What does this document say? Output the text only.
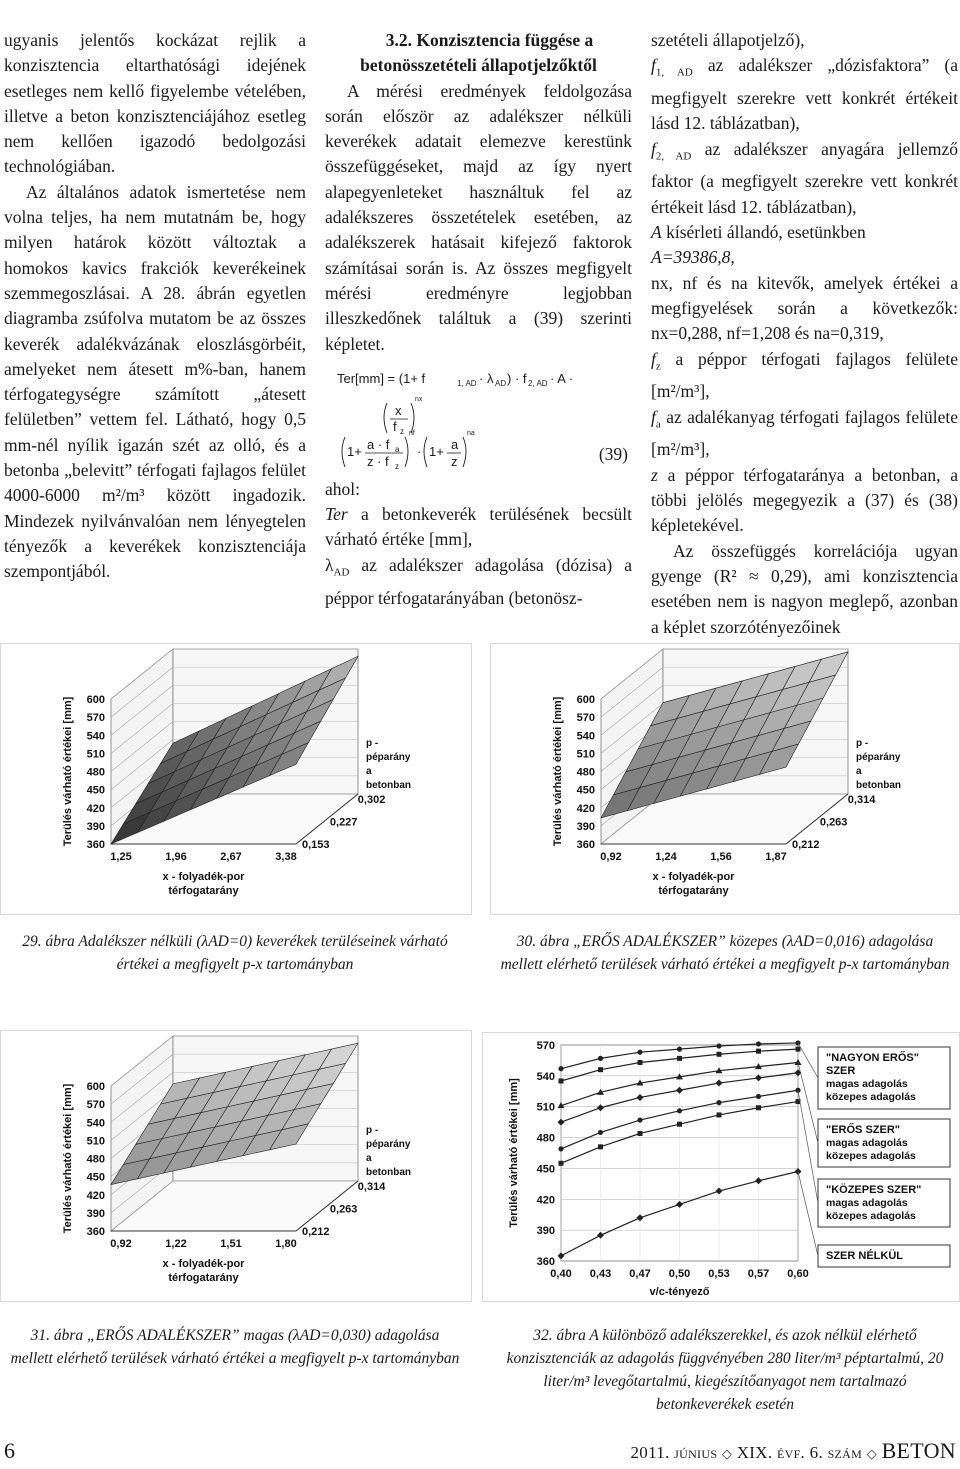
ugyanis jelentős kockázat rejlik a konzisztencia eltarthatósági idejének esetleges nem kellő figyelembe vételében, illetve a beton konzisztenciájához esetleg nem kellően igazodó bedolgozási technológiában.

Az általános adatok ismertetése nem volna teljes, ha nem mutatnám be, hogy milyen határok között változtak a homokos kavics frakciók keverékeinek szemmegoszlásai. A 28. ábrán egyetlen diagramba zsúfolva mutatom be az összes keverék adalékvázának eloszlásgörbéit, amelyeket nem átesett m%-ban, hanem térfogategységre számított „átesett felületben” vettem fel. Látható, hogy 0,5 mm-nél nyílik igazán szét az olló, és a betonba „belevitt” térfogati fajlagos felület 4000-6000 m²/m³ között ingadozik. Mindezek nyilvánvalóan nem lényegtelen tényezők a keverékek konzisztenciája szempontjából.

3.2. Konzisztencia függése a betonösszetételi állapotjelzőktől

A mérési eredmények feldolgozása során először az adalékszer nélküli keverékek adatait elemezve kerestünk összefüggéseket, majd az így nyert alapegyenleteket használtuk fel az adalékszeres összetételek esetében, az adalékszerek hatásait kifejező faktorok számításai során is. Az összes megfigyelt mérési eredményre legjobban illeszkedőnek találtuk a (39) szerinti képletet.

Ter[mm] = (1+ f	1, AD · λ AD ) · f 2, AD · A ·
x
f z
nx
1+ a · f a
z · f z
nf
· 1+ a
z
na
(39)

ahol:

Ter a betonkeverék terülésének becsült várható értéke [mm],

$\lambda_{AD}$ az adalékszer adagolása (dózisa) a péppor térfogatarányában (betonösz-

szetételi állapotjelző),

$f_{1, AD}$ az adalékszer „dózisfaktora” (a megfigyelt szerekre vett konkrét értékeit lásd 12. táblázatban),

$f_{2, AD}$ az adalékszer anyagára jellemző faktor (a megfigyelt szerekre vett konkrét értékeit lásd 12. táblázatban),

A kísérleti állandó, esetünkben

A=39386,8,

nx, nf és na kitevők, amelyek értékei a megfigyelések során a következők: nx=0,288, nf=1,208 és na=0,319,

$f_z$ a péppor térfogati fajlagos felülete [m²/m³],

$f_a$ az adalékanyag térfogati fajlagos felülete [m²/m³],

z a péppor térfogataránya a betonban, a többi jelölés megegyezik a (37) és (38) képletekével.

Az összefüggés korrelációja ugyan gyenge (R² ≈ 0,29), ami konzisztencia esetében nem is nagyon meglepő, azonban a képlet szorzótényezőinek

600
570
540
510
480
450
420
390
360
1,25	1,96	2,67	3,38
x - folyadék-por
térfogatarány
0,302
0,227
0,153
p -
péparány
a
betonban
Terülés várható értékei [mm]
29. ábra Adalékszer nélküli (λAD=0) keverékek terüléseinek várható értékei a megfigyelt p-x tartományban
600
570
540
510
480
450
420
390
360
0,92	1,24	1,56	1,87
x - folyadék-por
térfogatarány
0,314
0,263
0,212
p -
péparány
a
betonban
Terülés várható értékei [mm]
30. ábra „ERŐS ADALÉKSZER” közepes (λAD=0,016) adagolása mellett elérhető terülések várható értékei a megfigyelt p-x tartományban
600
570
540
510
480
450
420
390
360
0,92	1,22	1,51	1,80
x - folyadék-por
térfogatarány
0,314
0,263
0,212
p -
péparány
a
betonban
Terülés várható értékei [mm]
31. ábra „ERŐS ADALÉKSZER” magas (λAD=0,030) adagolása mellett elérhető terülések várható értékei a megfigyelt p-x tartományban
360
390
420
450
480
510
540
570
0,40 0,43 0,47 0,50 0,53 0,57 0,60
v/c-tényező
Terülés várható értékei [mm]
"NAGYON ERŐS"
SZER
magas adagolás
közepes adagolás
"ERŐS SZER"
magas adagolás
közepes adagolás
"KÖZEPES SZER"
magas adagolás
közepes adagolás
SZER NÉLKÜL
32. ábra A különböző adalékszerekkel, és azok nélkül elérhető konzisztenciák az adagolás függvényében 280 liter/m³ péptartalmú, 20 liter/m³ levegőtartalmú, kiegészítőanyagot nem tartalmazó betonkeverékek esetén
6	2011. június ◇ XIX. évf. 6. szám ◇ BETON
